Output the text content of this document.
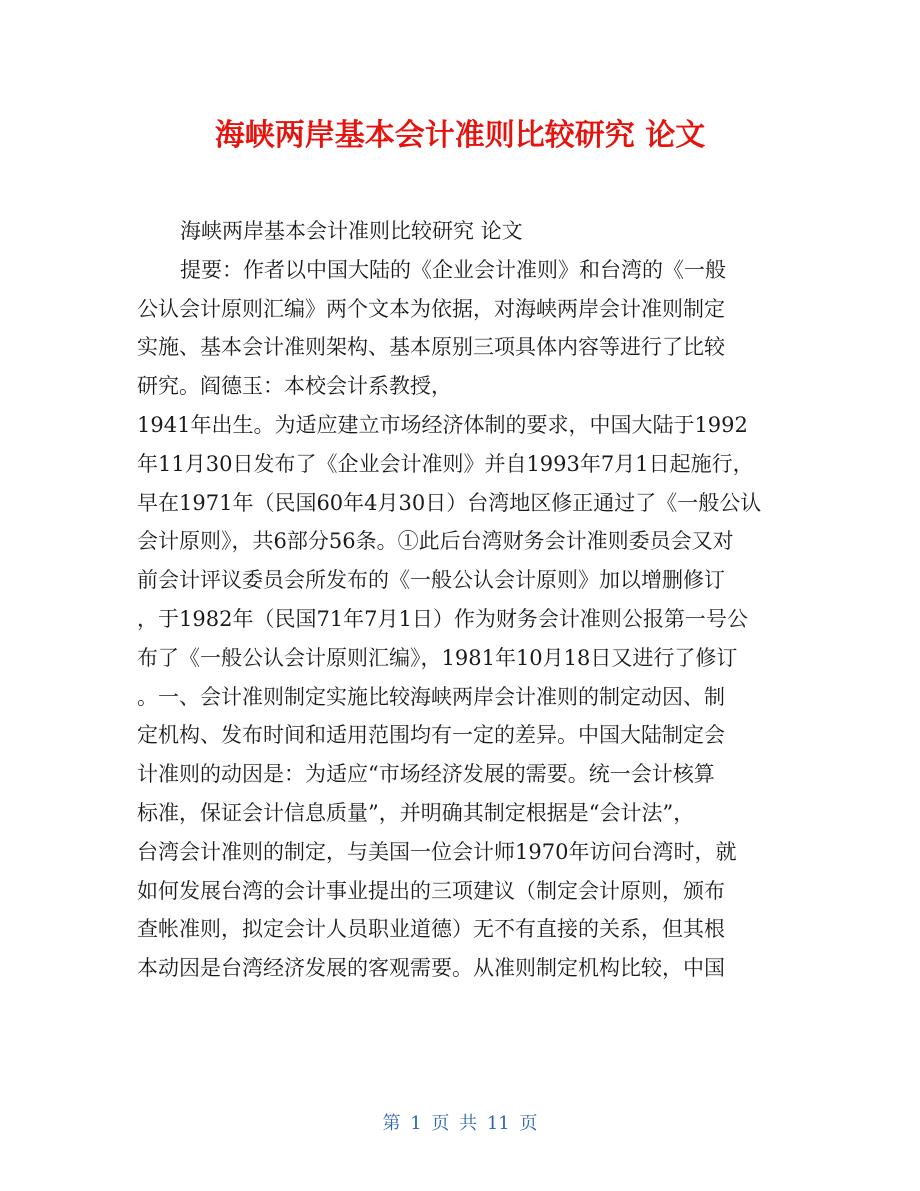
海峡两岸基本会计准则比较研究 论文
海峡两岸基本会计准则比较研究 论文
提要：作者以中国大陆的《企业会计准则》和台湾的《一般
公认会计原则汇编》两个文本为依据，对海峡两岸会计准则制定
实施、基本会计准则架构、基本原别三项具体内容等进行了比较
研究。阎德玉：本校会计系教授，
1941年出生。为适应建立市场经济体制的要求，中国大陆于1992
年11月30日发布了《企业会计准则》并自1993年7月1日起施行，
早在1971年（民国60年4月30日）台湾地区修正通过了《一般公认
会计原则》，共6部分56条。①此后台湾财务会计准则委员会又对
前会计评议委员会所发布的《一般公认会计原则》加以增删修订
，于1982年（民国71年7月1日）作为财务会计准则公报第一号公
布了《一般公认会计原则汇编》，1981年10月18日又进行了修订
。一、会计准则制定实施比较海峡两岸会计准则的制定动因、制
定机构、发布时间和适用范围均有一定的差异。中国大陆制定会
计准则的动因是：为适应“市场经济发展的需要。统一会计核算
标准，保证会计信息质量”，并明确其制定根据是“会计法”，
台湾会计准则的制定，与美国一位会计师1970年访问台湾时，就
如何发展台湾的会计事业提出的三项建议（制定会计原则，颁布
查帐准则，拟定会计人员职业道德）无不有直接的关系，但其根
本动因是台湾经济发展的客观需要。从准则制定机构比较，中国
第 1 页 共 11 页
